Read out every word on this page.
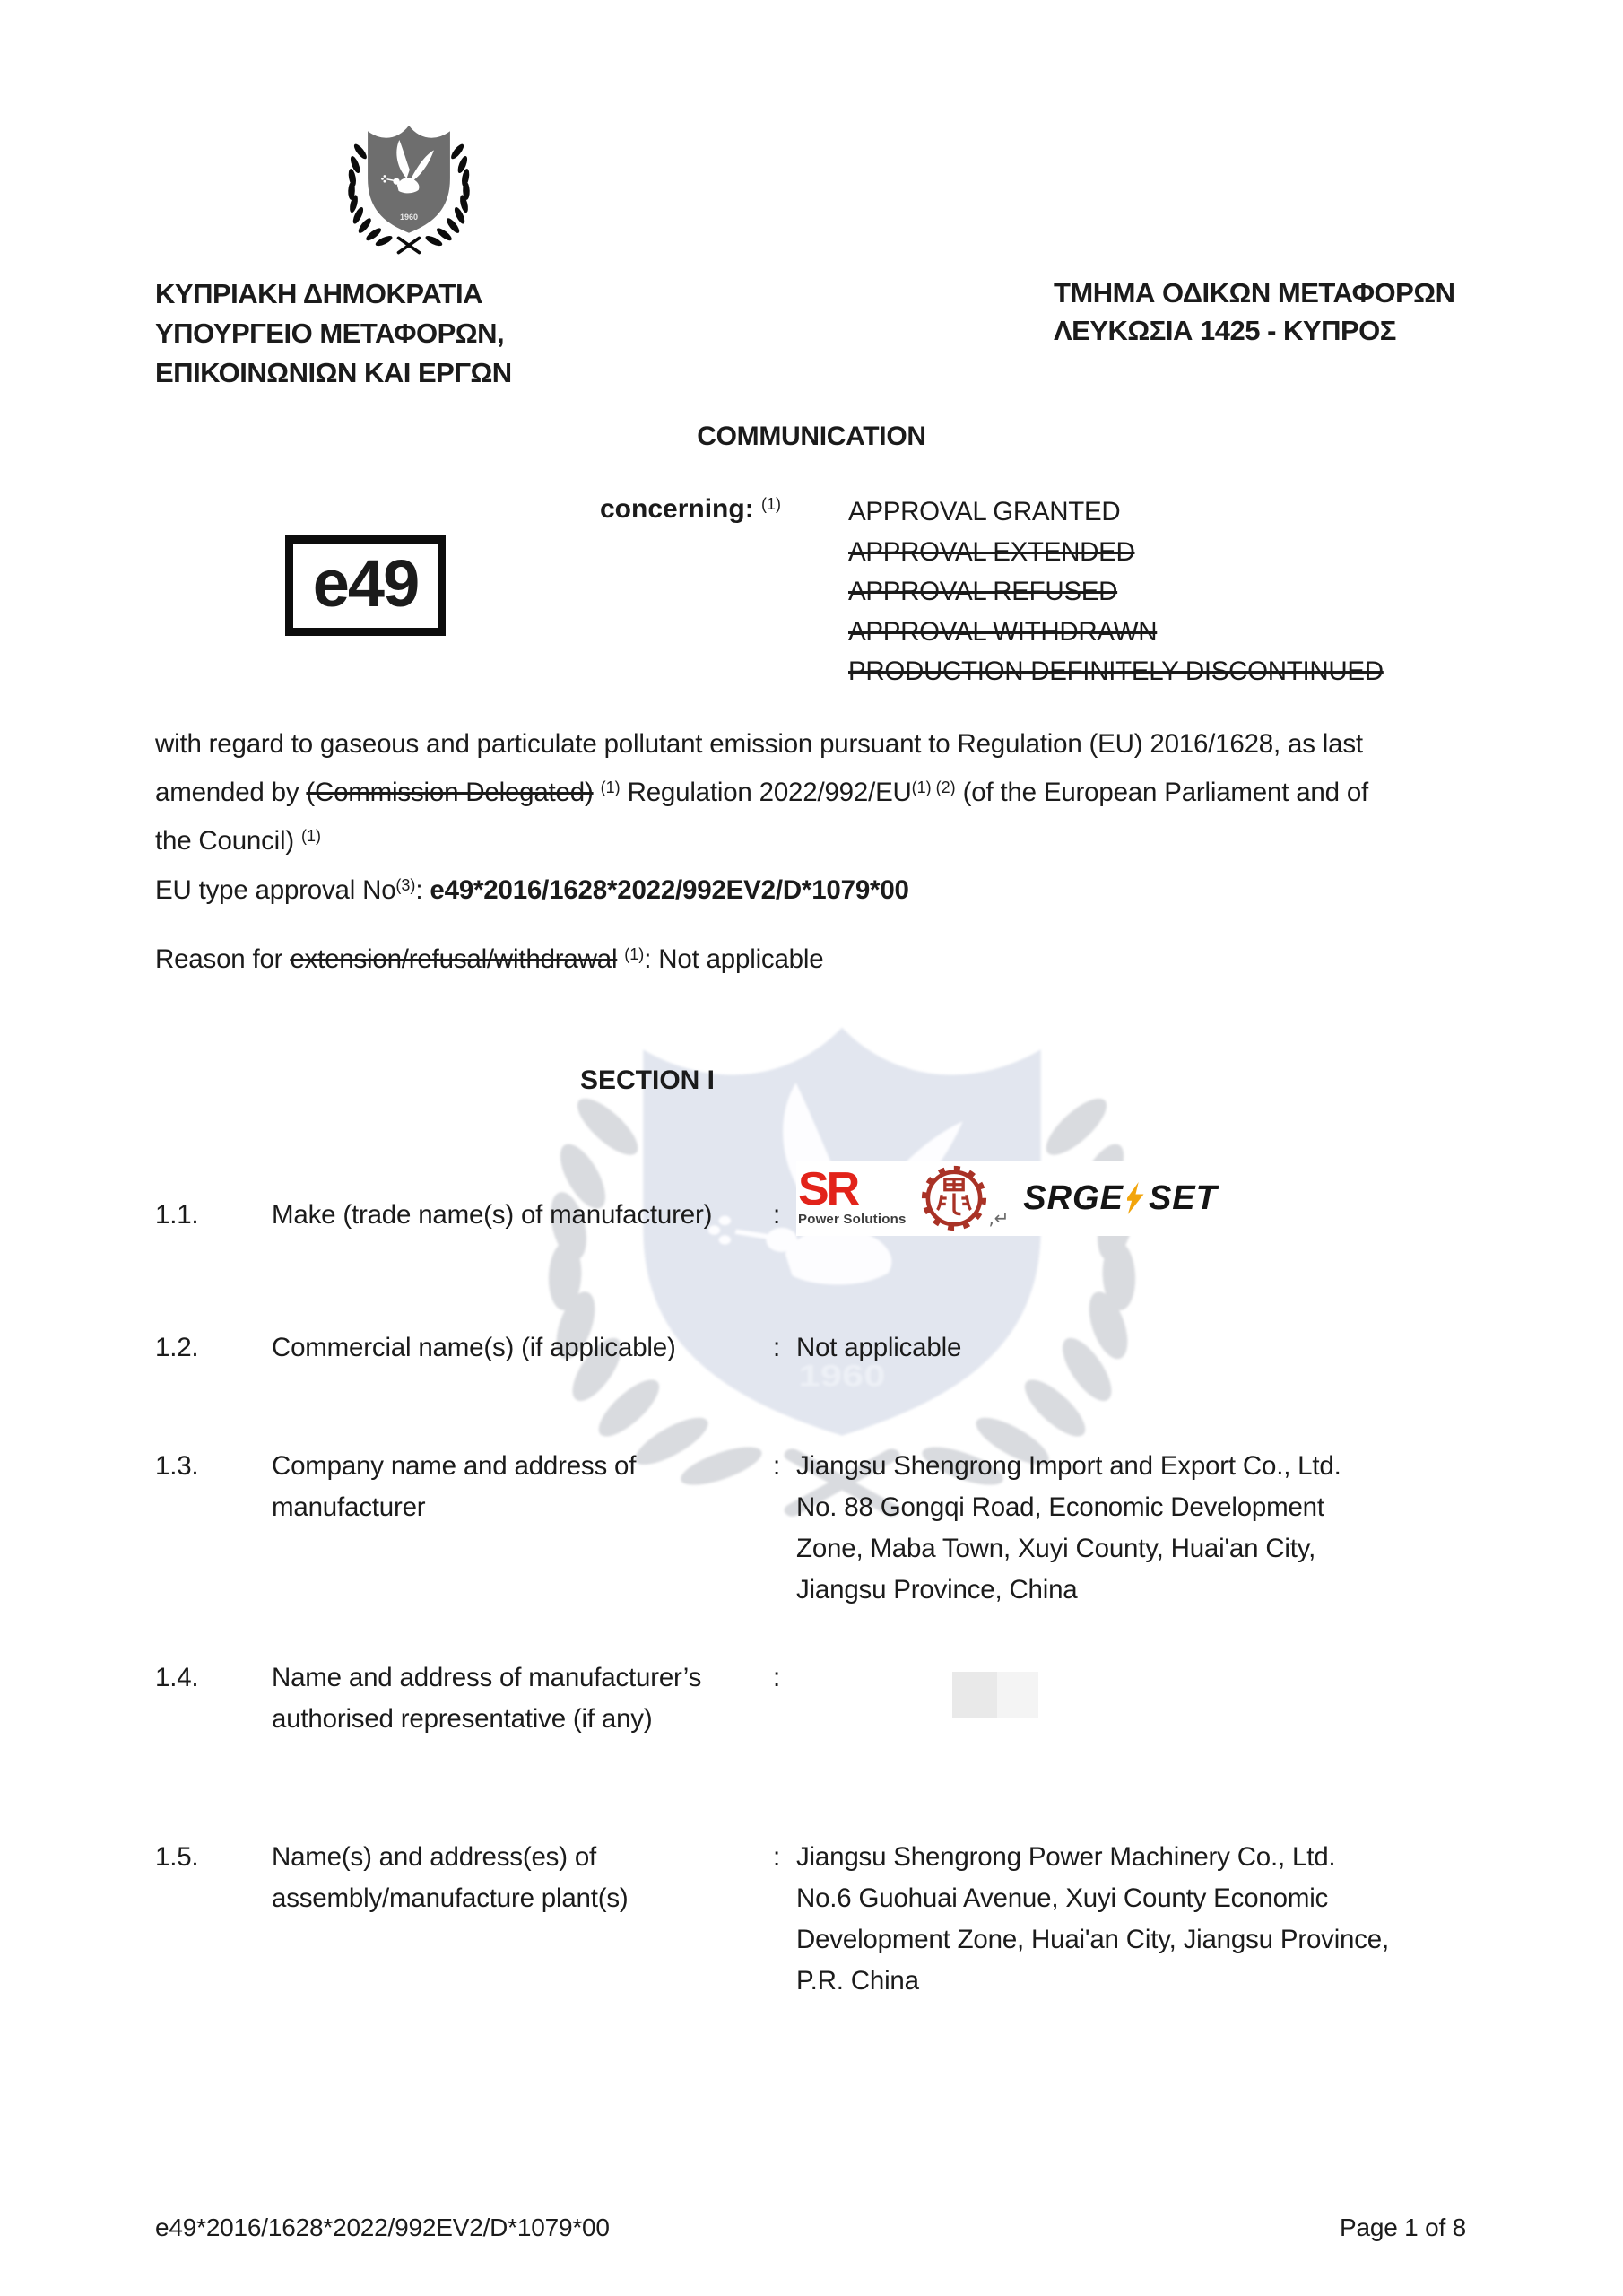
ΚΥΠΡΙΑΚΗ ΔΗΜΟΚΡΑΤΙΑ
ΥΠΟΥΡΓΕΙΟ ΜΕΤΑΦΟΡΩΝ,
ΕΠΙΚΟΙΝΩΝΙΩΝ ΚΑΙ ΕΡΓΩΝ
ΤΜΗΜΑ ΟΔΙΚΩΝ ΜΕΤΑΦΟΡΩΝ
ΛΕΥΚΩΣΙΑ 1425 - ΚΥΠΡΟΣ
COMMUNICATION
e49
concerning: $^{(1)}$	APPROVAL GRANTED
APPROVAL EXTENDED
APPROVAL REFUSED
APPROVAL WITHDRAWN
PRODUCTION DEFINITELY DISCONTINUED
with regard to gaseous and particulate pollutant emission pursuant to Regulation (EU) 2016/1628, as last
amended by (Commission Delegated) $^{(1)}$ Regulation 2022/992/EU$^{(1) (2)}$ (of the European Parliament and of
the Council) $^{(1)}$
EU type approval No$^{(3)}$: e49*2016/1628*2022/992EV2/D*1079*00
Reason for extension/refusal/withdrawal $^{(1)}$: Not applicable
SECTION I
1.1.	Make (trade name(s) of manufacturer)	: SR
Power Solutions	,↵
SRGE SET
1.2.	Commercial name(s) (if applicable)	: Not applicable
1.3.	Company name and address of
manufacturer
: Jiangsu Shengrong Import and Export Co., Ltd.
No. 88 Gongqi Road, Economic Development
Zone, Maba Town, Xuyi County, Huai'an City,
Jiangsu Province, China
1.4.	Name and address of manufacturer’s
authorised representative (if any)
:
1.5.	Name(s) and address(es) of
assembly/manufacture plant(s)
: Jiangsu Shengrong Power Machinery Co., Ltd.
No.6 Guohuai Avenue, Xuyi County Economic
Development Zone, Huai'an City, Jiangsu Province,
P.R. China
e49*2016/1628*2022/992EV2/D*1079*00	Page 1 of 8
